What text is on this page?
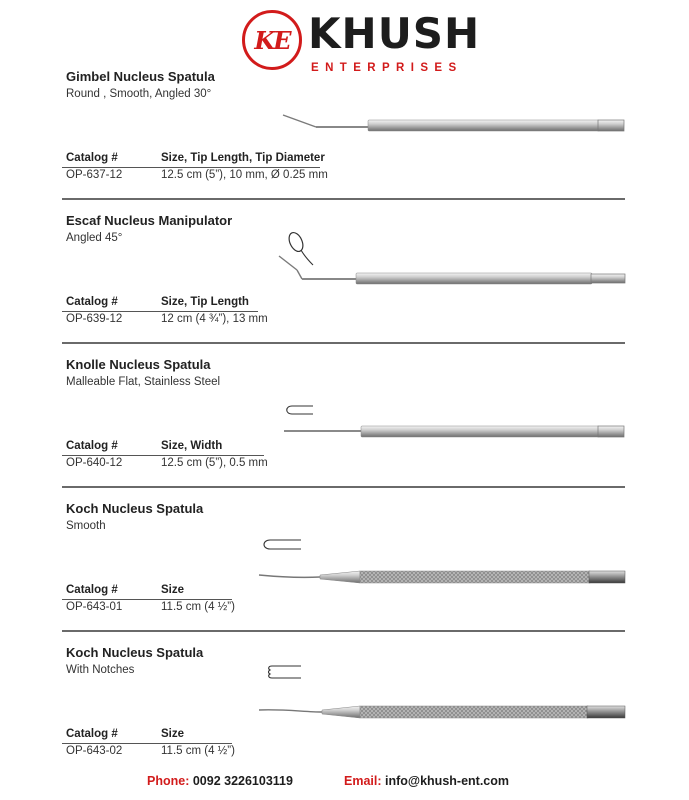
KE KHUSH
ENTERPRISES
Gimbel Nucleus Spatula
Round , Smooth, Angled 30°
Catalog #	Size, Tip Length, Tip Diameter
OP-637-12	12.5 cm (5”), 10 mm, Ø 0.25 mm
Escaf Nucleus Manipulator
Angled 45°
Catalog #	Size, Tip Length
OP-639-12	12 cm (4 ¾”), 13 mm
Knolle Nucleus Spatula
Malleable Flat, Stainless Steel
Catalog #	Size, Width
OP-640-12	12.5 cm (5”), 0.5 mm
Koch Nucleus Spatula
Smooth
Catalog #	Size
OP-643-01	11.5 cm (4 ½”)
Koch Nucleus Spatula
With Notches
Catalog #	Size
OP-643-02	11.5 cm (4 ½”)
Phone: 0092 3226103119	Email: info@khush-ent.com
